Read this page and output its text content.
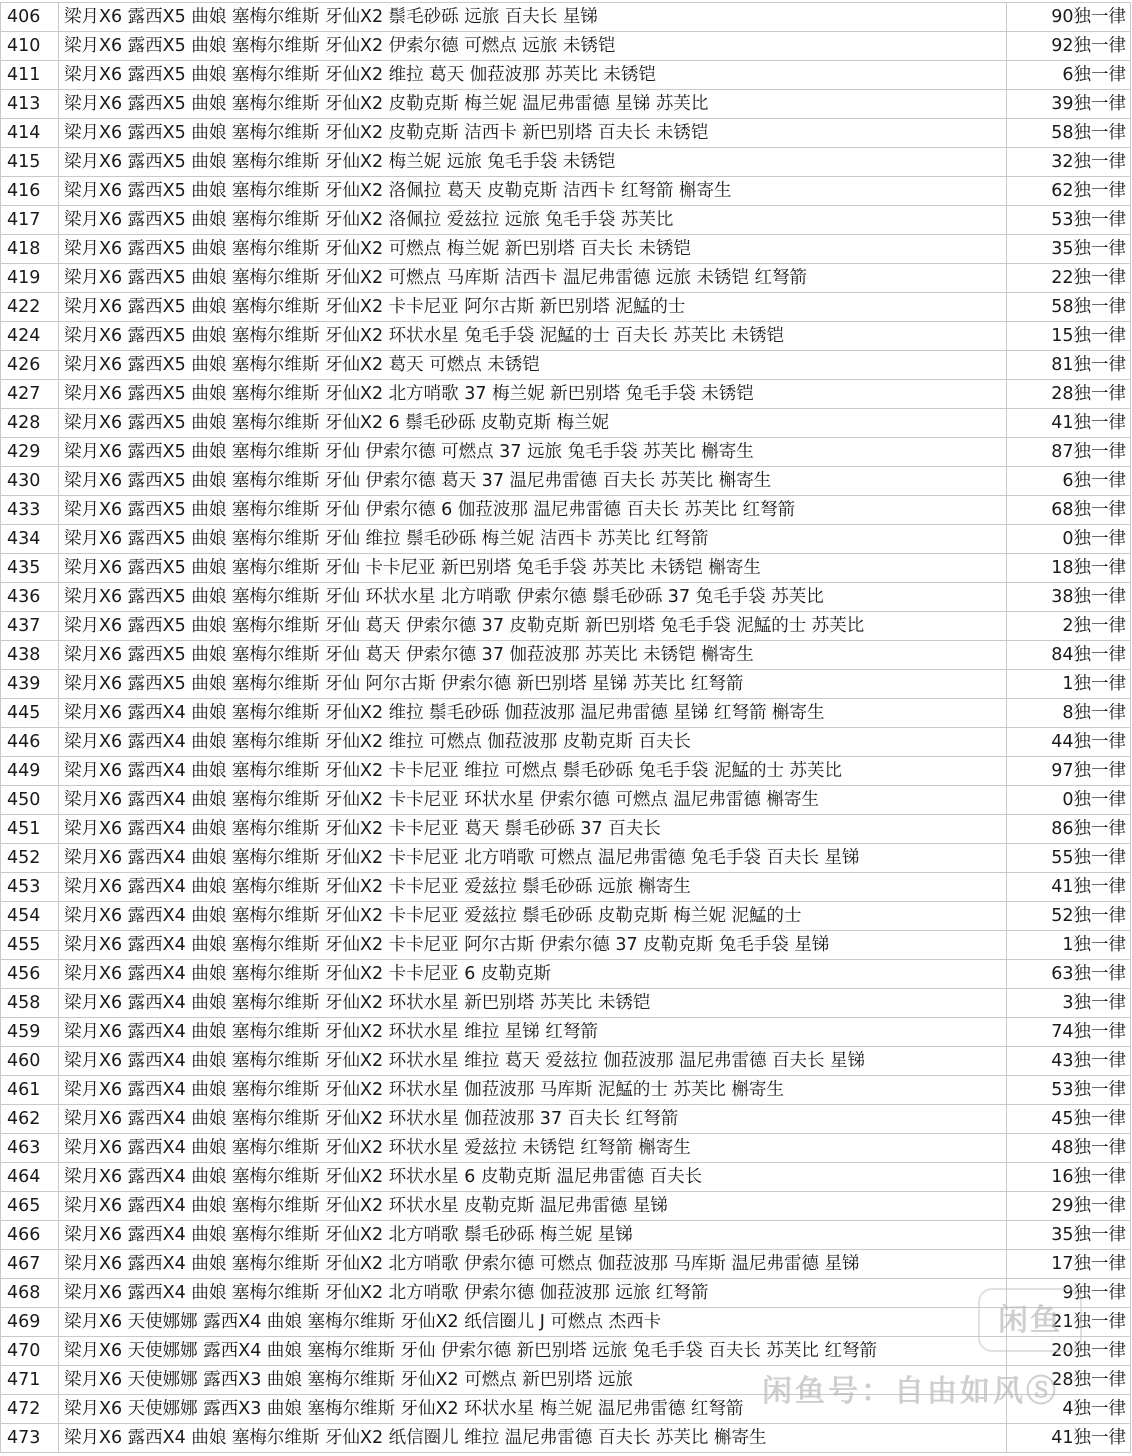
406	梁月X6 露西X5 曲娘 塞梅尔维斯 牙仙X2 鬃毛砂砾 远旅 百夫长 星锑	90独一律
410	梁月X6 露西X5 曲娘 塞梅尔维斯 牙仙X2 伊索尔德 可燃点 远旅 未锈铠	92独一律
411	梁月X6 露西X5 曲娘 塞梅尔维斯 牙仙X2 维拉 葛天 伽菈波那 苏芙比 未锈铠	6独一律
413	梁月X6 露西X5 曲娘 塞梅尔维斯 牙仙X2 皮勒克斯 梅兰妮 温尼弗雷德 星锑 苏芙比	39独一律
414	梁月X6 露西X5 曲娘 塞梅尔维斯 牙仙X2 皮勒克斯 洁西卡 新巴别塔 百夫长 未锈铠	58独一律
415	梁月X6 露西X5 曲娘 塞梅尔维斯 牙仙X2 梅兰妮 远旅 兔毛手袋 未锈铠	32独一律
416	梁月X6 露西X5 曲娘 塞梅尔维斯 牙仙X2 洛佩拉 葛天 皮勒克斯 洁西卡 红弩箭 槲寄生	62独一律
417	梁月X6 露西X5 曲娘 塞梅尔维斯 牙仙X2 洛佩拉 爱兹拉 远旅 兔毛手袋 苏芙比	53独一律
418	梁月X6 露西X5 曲娘 塞梅尔维斯 牙仙X2 可燃点 梅兰妮 新巴别塔 百夫长 未锈铠	35独一律
419	梁月X6 露西X5 曲娘 塞梅尔维斯 牙仙X2 可燃点 马库斯 洁西卡 温尼弗雷德 远旅 未锈铠 红弩箭	22独一律
422	梁月X6 露西X5 曲娘 塞梅尔维斯 牙仙X2 卡卡尼亚 阿尔古斯 新巴别塔 泥鯭的士	58独一律
424	梁月X6 露西X5 曲娘 塞梅尔维斯 牙仙X2 环状水星 兔毛手袋 泥鯭的士 百夫长 苏芙比 未锈铠	15独一律
426	梁月X6 露西X5 曲娘 塞梅尔维斯 牙仙X2 葛天 可燃点 未锈铠	81独一律
427	梁月X6 露西X5 曲娘 塞梅尔维斯 牙仙X2 北方哨歌 37 梅兰妮 新巴别塔 兔毛手袋 未锈铠	28独一律
428	梁月X6 露西X5 曲娘 塞梅尔维斯 牙仙X2 6 鬃毛砂砾 皮勒克斯 梅兰妮	41独一律
429	梁月X6 露西X5 曲娘 塞梅尔维斯 牙仙 伊索尔德 可燃点 37 远旅 兔毛手袋 苏芙比 槲寄生	87独一律
430	梁月X6 露西X5 曲娘 塞梅尔维斯 牙仙 伊索尔德 葛天 37 温尼弗雷德 百夫长 苏芙比 槲寄生	6独一律
433	梁月X6 露西X5 曲娘 塞梅尔维斯 牙仙 伊索尔德 6 伽菈波那 温尼弗雷德 百夫长 苏芙比 红弩箭	68独一律
434	梁月X6 露西X5 曲娘 塞梅尔维斯 牙仙 维拉 鬃毛砂砾 梅兰妮 洁西卡 苏芙比 红弩箭	0独一律
435	梁月X6 露西X5 曲娘 塞梅尔维斯 牙仙 卡卡尼亚 新巴别塔 兔毛手袋 苏芙比 未锈铠 槲寄生	18独一律
436	梁月X6 露西X5 曲娘 塞梅尔维斯 牙仙 环状水星 北方哨歌 伊索尔德 鬃毛砂砾 37 兔毛手袋 苏芙比	38独一律
437	梁月X6 露西X5 曲娘 塞梅尔维斯 牙仙 葛天 伊索尔德 37 皮勒克斯 新巴别塔 兔毛手袋 泥鯭的士 苏芙比	2独一律
438	梁月X6 露西X5 曲娘 塞梅尔维斯 牙仙 葛天 伊索尔德 37 伽菈波那 苏芙比 未锈铠 槲寄生	84独一律
439	梁月X6 露西X5 曲娘 塞梅尔维斯 牙仙 阿尔古斯 伊索尔德 新巴别塔 星锑 苏芙比 红弩箭	1独一律
445	梁月X6 露西X4 曲娘 塞梅尔维斯 牙仙X2 维拉 鬃毛砂砾 伽菈波那 温尼弗雷德 星锑 红弩箭 槲寄生	8独一律
446	梁月X6 露西X4 曲娘 塞梅尔维斯 牙仙X2 维拉 可燃点 伽菈波那 皮勒克斯 百夫长	44独一律
449	梁月X6 露西X4 曲娘 塞梅尔维斯 牙仙X2 卡卡尼亚 维拉 可燃点 鬃毛砂砾 兔毛手袋 泥鯭的士 苏芙比	97独一律
450	梁月X6 露西X4 曲娘 塞梅尔维斯 牙仙X2 卡卡尼亚 环状水星 伊索尔德 可燃点 温尼弗雷德 槲寄生	0独一律
451	梁月X6 露西X4 曲娘 塞梅尔维斯 牙仙X2 卡卡尼亚 葛天 鬃毛砂砾 37 百夫长	86独一律
452	梁月X6 露西X4 曲娘 塞梅尔维斯 牙仙X2 卡卡尼亚 北方哨歌 可燃点 温尼弗雷德 兔毛手袋 百夫长 星锑	55独一律
453	梁月X6 露西X4 曲娘 塞梅尔维斯 牙仙X2 卡卡尼亚 爱兹拉 鬃毛砂砾 远旅 槲寄生	41独一律
454	梁月X6 露西X4 曲娘 塞梅尔维斯 牙仙X2 卡卡尼亚 爱兹拉 鬃毛砂砾 皮勒克斯 梅兰妮 泥鯭的士	52独一律
455	梁月X6 露西X4 曲娘 塞梅尔维斯 牙仙X2 卡卡尼亚 阿尔古斯 伊索尔德 37 皮勒克斯 兔毛手袋 星锑	1独一律
456	梁月X6 露西X4 曲娘 塞梅尔维斯 牙仙X2 卡卡尼亚 6 皮勒克斯	63独一律
458	梁月X6 露西X4 曲娘 塞梅尔维斯 牙仙X2 环状水星 新巴别塔 苏芙比 未锈铠	3独一律
459	梁月X6 露西X4 曲娘 塞梅尔维斯 牙仙X2 环状水星 维拉 星锑 红弩箭	74独一律
460	梁月X6 露西X4 曲娘 塞梅尔维斯 牙仙X2 环状水星 维拉 葛天 爱兹拉 伽菈波那 温尼弗雷德 百夫长 星锑	43独一律
461	梁月X6 露西X4 曲娘 塞梅尔维斯 牙仙X2 环状水星 伽菈波那 马库斯 泥鯭的士 苏芙比 槲寄生	53独一律
462	梁月X6 露西X4 曲娘 塞梅尔维斯 牙仙X2 环状水星 伽菈波那 37 百夫长 红弩箭	45独一律
463	梁月X6 露西X4 曲娘 塞梅尔维斯 牙仙X2 环状水星 爱兹拉 未锈铠 红弩箭 槲寄生	48独一律
464	梁月X6 露西X4 曲娘 塞梅尔维斯 牙仙X2 环状水星 6 皮勒克斯 温尼弗雷德 百夫长	16独一律
465	梁月X6 露西X4 曲娘 塞梅尔维斯 牙仙X2 环状水星 皮勒克斯 温尼弗雷德 星锑	29独一律
466	梁月X6 露西X4 曲娘 塞梅尔维斯 牙仙X2 北方哨歌 鬃毛砂砾 梅兰妮 星锑	35独一律
467	梁月X6 露西X4 曲娘 塞梅尔维斯 牙仙X2 北方哨歌 伊索尔德 可燃点 伽菈波那 马库斯 温尼弗雷德 星锑	17独一律
468	梁月X6 露西X4 曲娘 塞梅尔维斯 牙仙X2 北方哨歌 伊索尔德 伽菈波那 远旅 红弩箭	9独一律
469	梁月X6 天使娜娜 露西X4 曲娘 塞梅尔维斯 牙仙X2 纸信圈儿 J 可燃点 杰西卡	21独一律
470	梁月X6 天使娜娜 露西X4 曲娘 塞梅尔维斯 牙仙 伊索尔德 新巴别塔 远旅 兔毛手袋 百夫长 苏芙比 红弩箭	20独一律
471	梁月X6 天使娜娜 露西X3 曲娘 塞梅尔维斯 牙仙X2 可燃点 新巴别塔 远旅	28独一律
472	梁月X6 天使娜娜 露西X3 曲娘 塞梅尔维斯 牙仙X2 环状水星 梅兰妮 温尼弗雷德 红弩箭	4独一律
473	梁月X6 露西X4 曲娘 塞梅尔维斯 牙仙X2 纸信圈儿 维拉 温尼弗雷德 百夫长 苏芙比 槲寄生	41独一律
闲鱼
闲鱼号：自由如风Ⓢ
